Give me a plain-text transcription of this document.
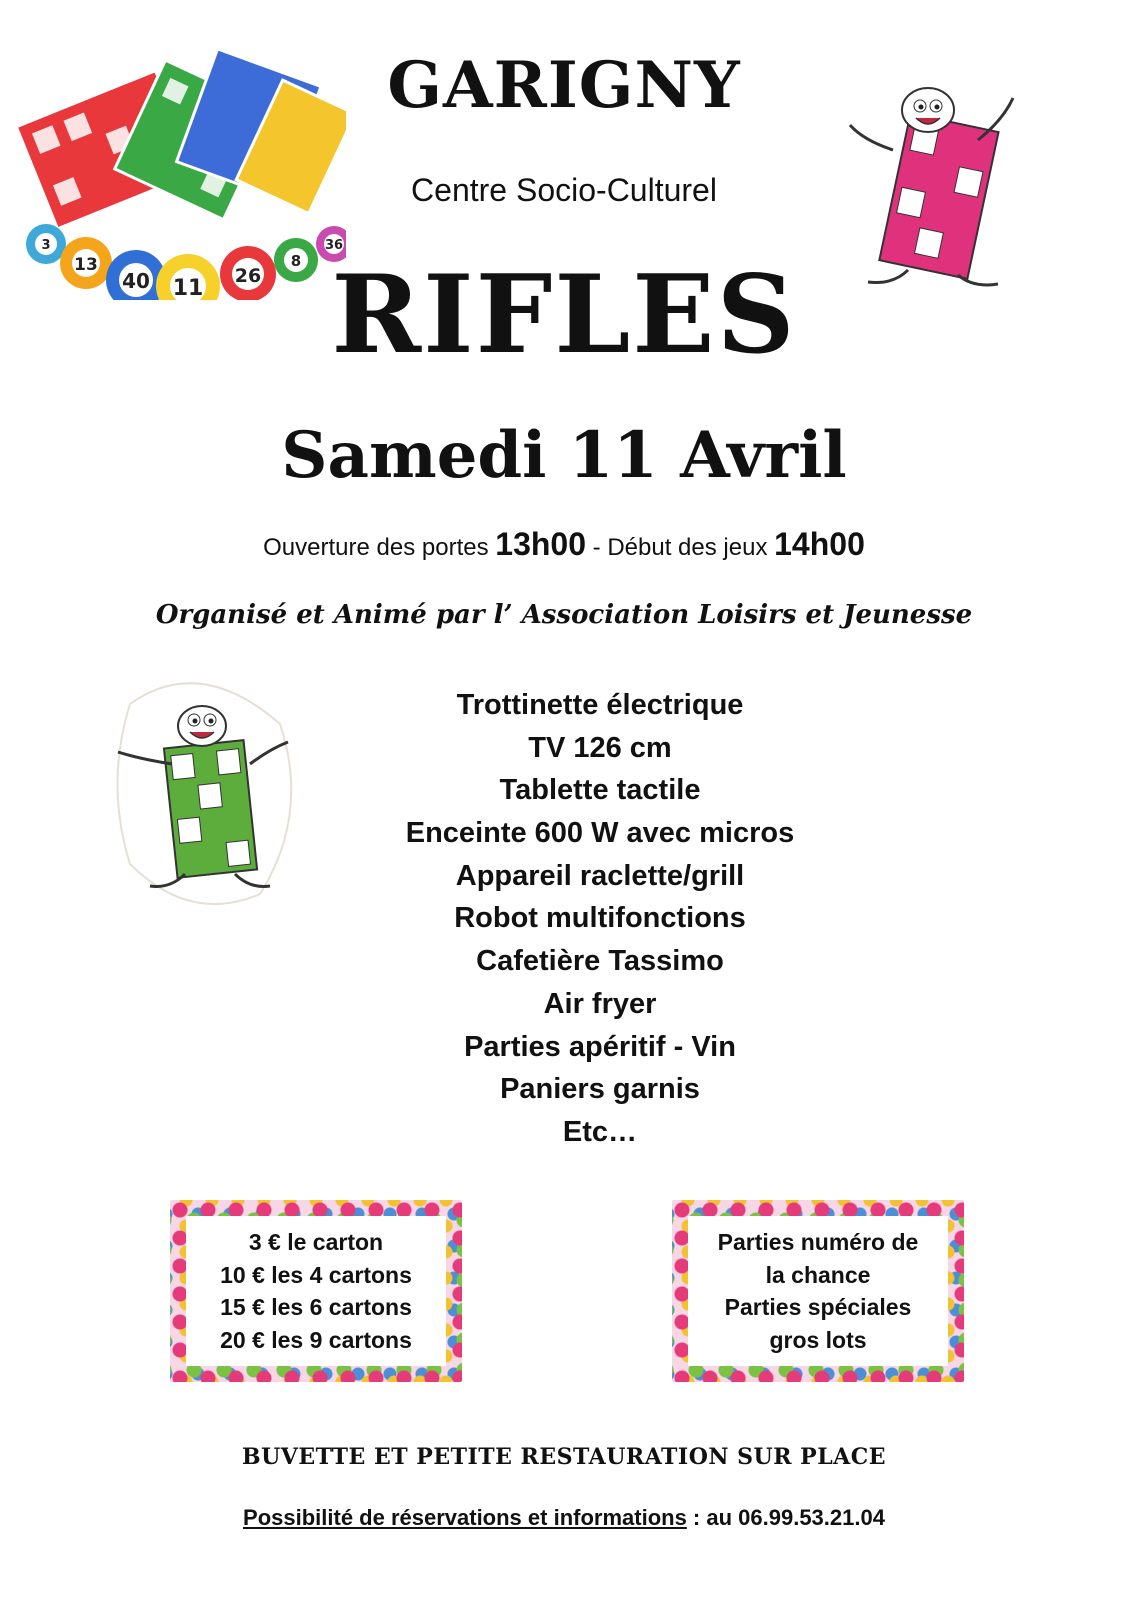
3
13
40 11 26
8
36
GARIGNY
Centre Socio-Culturel
RIFLES
Samedi 11 Avril
Ouverture des portes 13h00 - Début des jeux 14h00
Organisé et Animé par l’ Association Loisirs et Jeunesse
Trottinette électrique
TV 126 cm
Tablette tactile
Enceinte 600 W avec micros
Appareil raclette/grill
Robot multifonctions
Cafetière Tassimo
Air fryer
Parties apéritif - Vin
Paniers garnis
Etc…
3 € le carton
10 € les 4 cartons
15 € les 6 cartons
20 € les 9 cartons
Parties numéro de
la chance
Parties spéciales
gros lots
BUVETTE ET PETITE RESTAURATION SUR PLACE
Possibilité de réservations et informations : au 06.99.53.21.04
